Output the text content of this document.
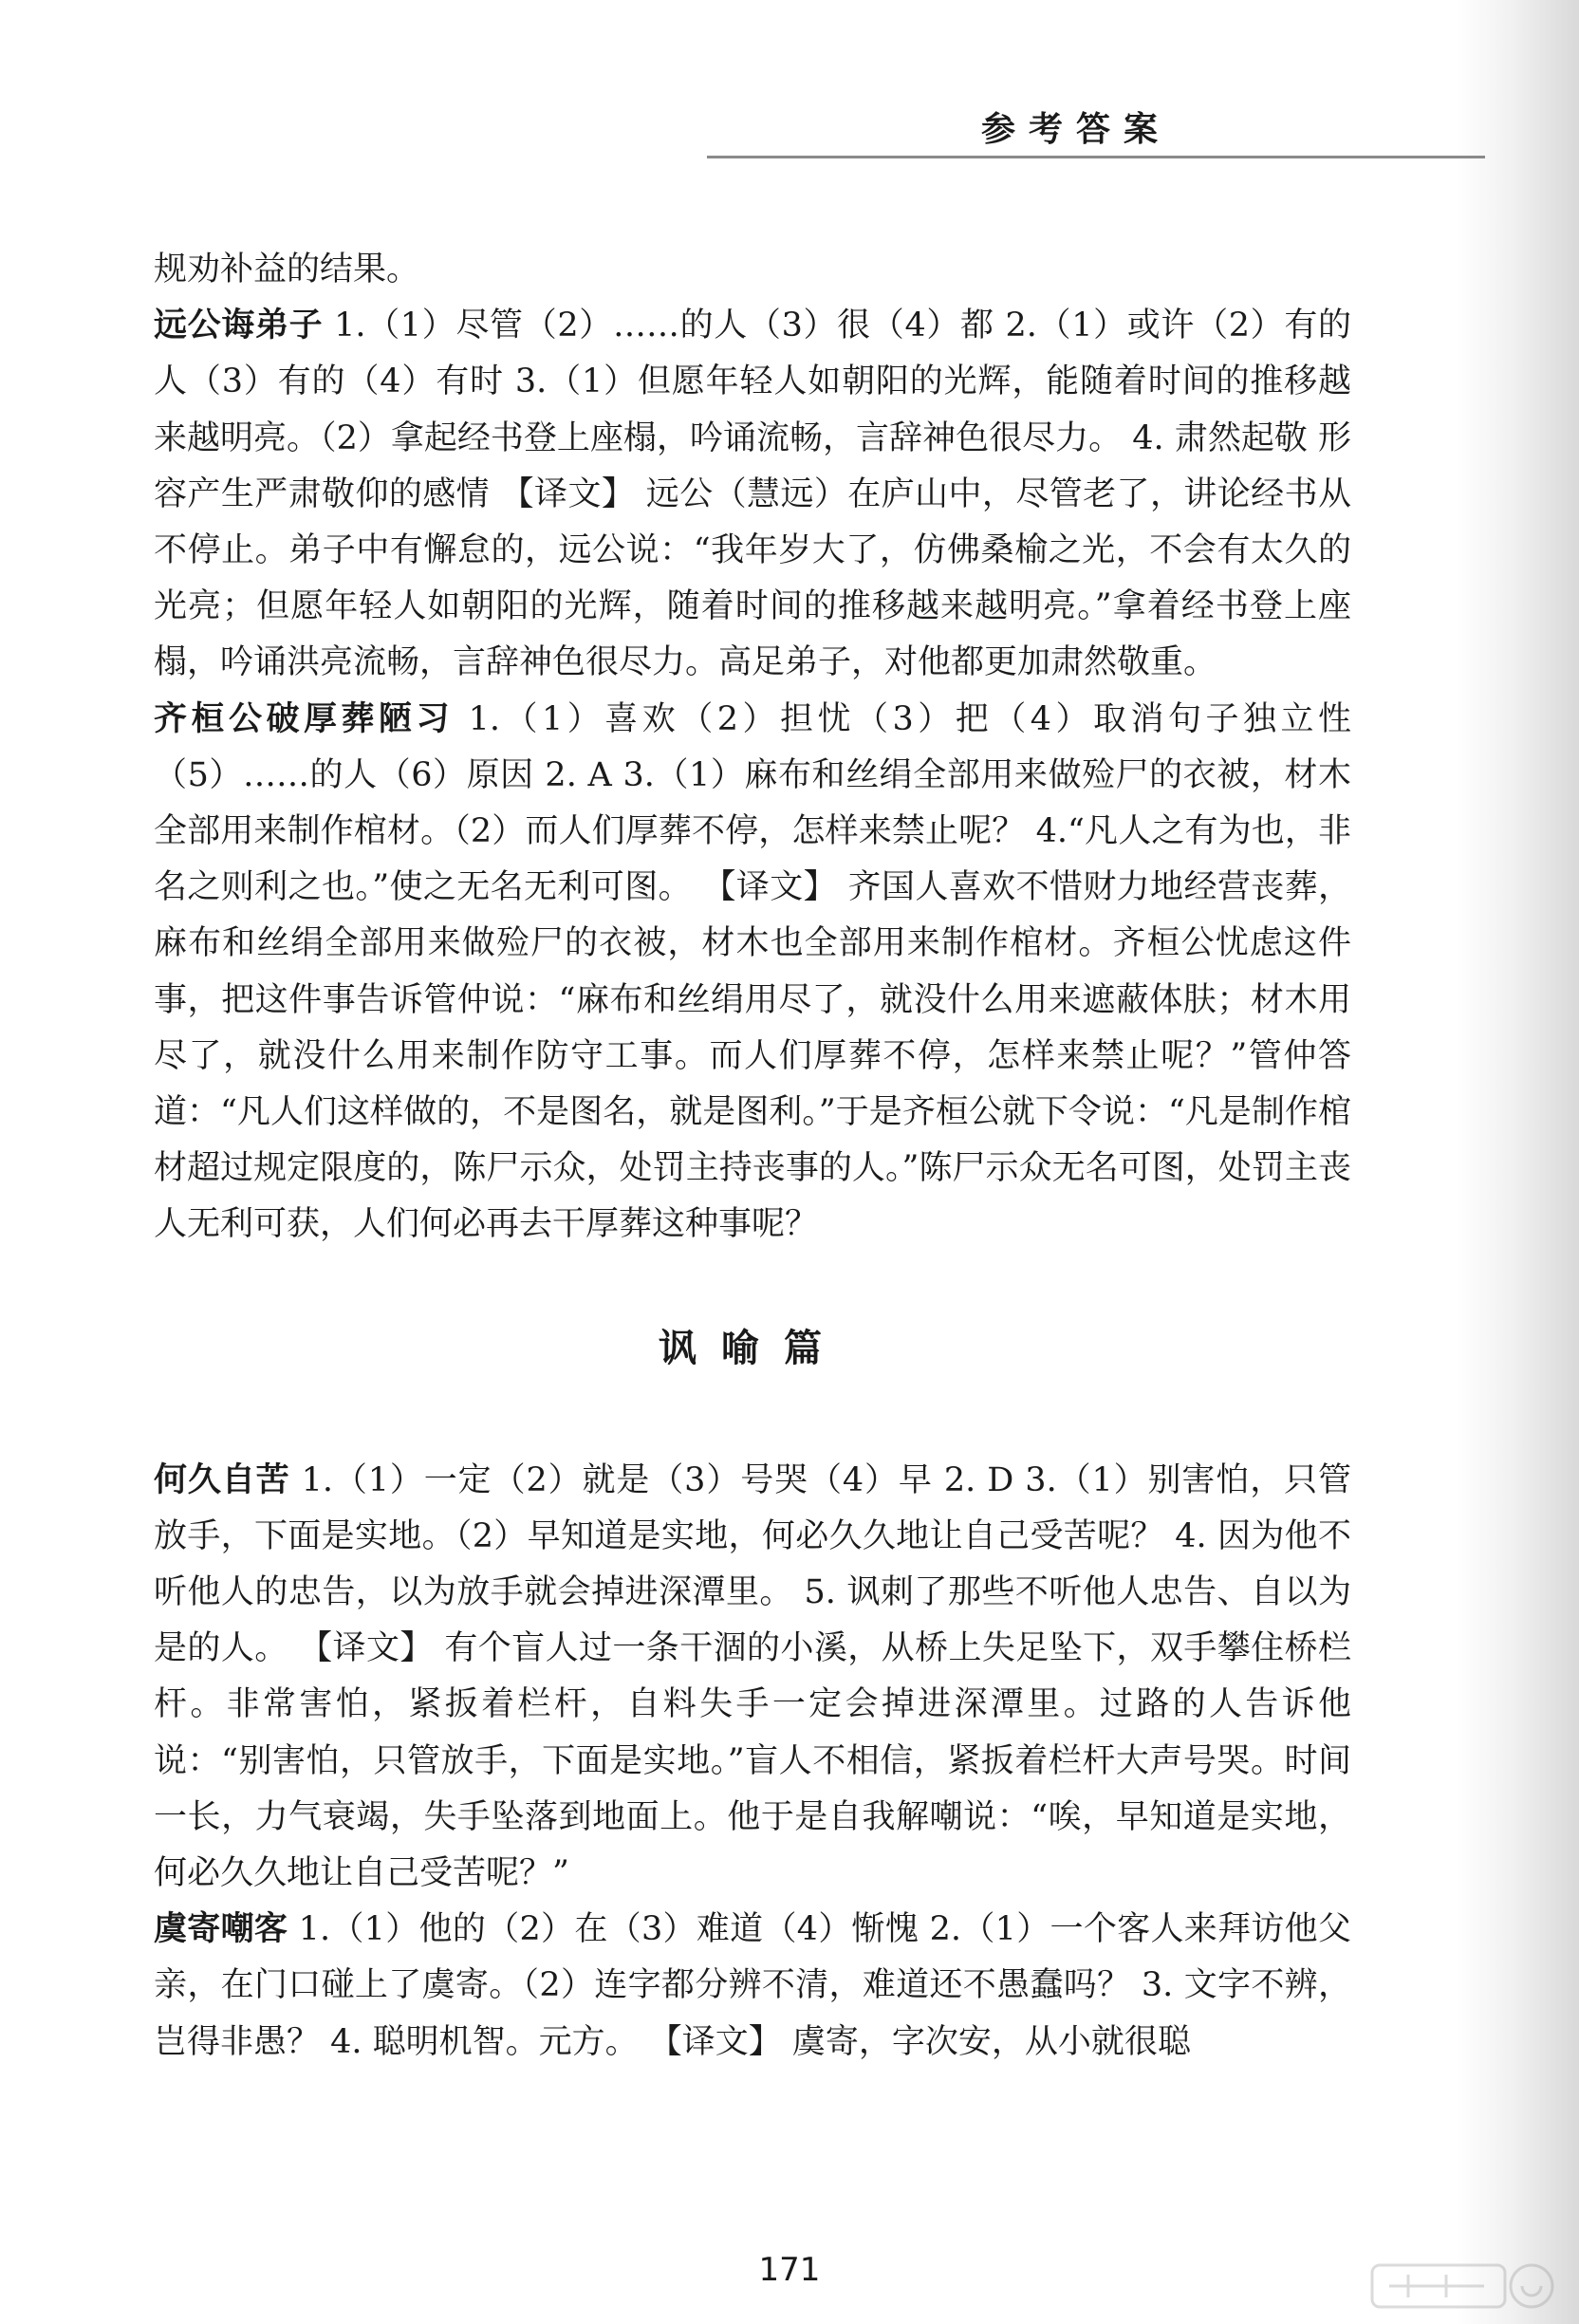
参考答案

规劝补益的结果。

远公诲弟子 1.（1）尽管（2）……的人（3）很（4）都 2.（1）或许（2）有的人（3）有的（4）有时 3.（1）但愿年轻人如朝阳的光辉，能随着时间的推移越来越明亮。（2）拿起经书登上座榻，吟诵流畅，言辞神色很尽力。 4. 肃然起敬 形容产生严肃敬仰的感情 【译文】 远公（慧远）在庐山中，尽管老了，讲论经书从不停止。弟子中有懈怠的，远公说：“我年岁大了，仿佛桑榆之光，不会有太久的光亮；但愿年轻人如朝阳的光辉，随着时间的推移越来越明亮。”拿着经书登上座榻，吟诵洪亮流畅，言辞神色很尽力。高足弟子，对他都更加肃然敬重。

齐桓公破厚葬陋习 1.（1）喜欢（2）担忧（3）把（4）取消句子独立性（5）……的人（6）原因 2. A 3.（1）麻布和丝绢全部用来做殓尸的衣被，材木全部用来制作棺材。（2）而人们厚葬不停，怎样来禁止呢？ 4.“凡人之有为也，非名之则利之也。”使之无名无利可图。 【译文】 齐国人喜欢不惜财力地经营丧葬，麻布和丝绢全部用来做殓尸的衣被，材木也全部用来制作棺材。齐桓公忧虑这件事，把这件事告诉管仲说：“麻布和丝绢用尽了，就没什么用来遮蔽体肤；材木用尽了，就没什么用来制作防守工事。而人们厚葬不停，怎样来禁止呢？”管仲答道：“凡人们这样做的，不是图名，就是图利。”于是齐桓公就下令说：“凡是制作棺材超过规定限度的，陈尸示众，处罚主持丧事的人。”陈尸示众无名可图，处罚主丧人无利可获，人们何必再去干厚葬这种事呢？

讽喻篇

何久自苦 1.（1）一定（2）就是（3）号哭（4）早 2. D 3.（1）别害怕，只管放手，下面是实地。（2）早知道是实地，何必久久地让自己受苦呢？ 4. 因为他不听他人的忠告，以为放手就会掉进深潭里。 5. 讽刺了那些不听他人忠告、自以为是的人。 【译文】 有个盲人过一条干涸的小溪，从桥上失足坠下，双手攀住桥栏杆。非常害怕，紧扳着栏杆，自料失手一定会掉进深潭里。过路的人告诉他说：“别害怕，只管放手，下面是实地。”盲人不相信，紧扳着栏杆大声号哭。时间一长，力气衰竭，失手坠落到地面上。他于是自我解嘲说：“唉，早知道是实地，何必久久地让自己受苦呢？”

虞寄嘲客 1.（1）他的（2）在（3）难道（4）惭愧 2.（1）一个客人来拜访他父亲，在门口碰上了虞寄。（2）连字都分辨不清，难道还不愚蠢吗？ 3. 文字不辨，岂得非愚？ 4. 聪明机智。元方。 【译文】 虞寄，字次安，从小就很聪

171
